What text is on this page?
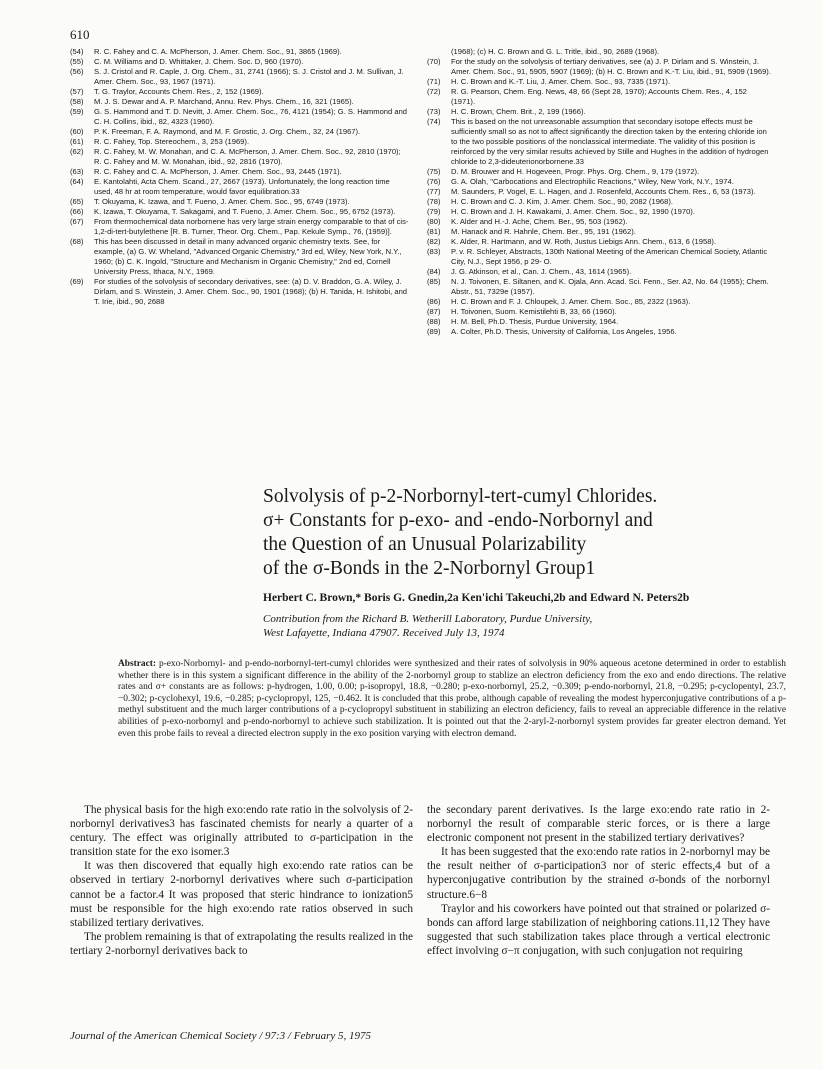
610
(54)	R. C. Fahey and C. A. McPherson, J. Amer. Chem. Soc., 91, 3865 (1969).
(55)	C. M. Williams and D. Whittaker, J. Chem. Soc. D, 960 (1970).
(56)	S. J. Cristol and R. Caple, J. Org. Chem., 31, 2741 (1966); S. J. Cristol and J. M. Sullivan, J. Amer. Chem. Soc., 93, 1967 (1971).
(57)	T. G. Traylor, Accounts Chem. Res., 2, 152 (1969).
(58)	M. J. S. Dewar and A. P. Marchand, Annu. Rev. Phys. Chem., 16, 321 (1965).
(59)	G. S. Hammond and T. D. Nevitt, J. Amer. Chem. Soc., 76, 4121 (1954); G. S. Hammond and C. H. Collins, ibid., 82, 4323 (1960).
(60)	P. K. Freeman, F. A. Raymond, and M. F. Grostic, J. Org. Chem., 32, 24 (1967).
(61)	R. C. Fahey, Top. Stereochem., 3, 253 (1969).
(62)	R. C. Fahey, M. W. Monahan, and C. A. McPherson, J. Amer. Chem. Soc., 92, 2810 (1970); R. C. Fahey and M. W. Monahan, ibid., 92, 2816 (1970).
(63)	R. C. Fahey and C. A. McPherson, J. Amer. Chem. Soc., 93, 2445 (1971).
(64)	E. Kantolahti, Acta Chem. Scand., 27, 2667 (1973). Unfortunately, the long reaction time used, 48 hr at room temperature, would favor equilibration.33
(65)	T. Okuyama, K. Izawa, and T. Fueno, J. Amer. Chem. Soc., 95, 6749 (1973).
(66)	K. Izawa, T. Okuyama, T. Sakagami, and T. Fueno, J. Amer. Chem. Soc., 95, 6752 (1973).
(67)	From thermochemical data norbornene has very large strain energy comparable to that of cis-1,2-di-tert-butylethene [R. B. Turner, Theor. Org. Chem., Pap. Kekule Symp., 76, (1959)].
(68)	This has been discussed in detail in many advanced organic chemistry texts. See, for example, (a) G. W. Wheland, "Advanced Organic Chemistry," 3rd ed, Wiley, New York, N.Y., 1960; (b) C. K. Ingold, "Structure and Mechanism in Organic Chemistry," 2nd ed, Cornell University Press, Ithaca, N.Y., 1969.
(69)	For studies of the solvolysis of secondary derivatives, see: (a) D. V. Braddon, G. A. Wiley, J. Dirlam, and S. Winstein, J. Amer. Chem. Soc., 90, 1901 (1968); (b) H. Tanida, H. Ishitobi, and T. Irie, ibid., 90, 2688
(1968); (c) H. C. Brown and G. L. Tritle, ibid., 90, 2689 (1968).
(70)	For the study on the solvolysis of tertiary derivatives, see (a) J. P. Dirlam and S. Winstein, J. Amer. Chem. Soc., 91, 5905, 5907 (1969); (b) H. C. Brown and K.-T. Liu, ibid., 91, 5909 (1969).
(71)	H. C. Brown and K.-T. Liu, J. Amer. Chem. Soc., 93, 7335 (1971).
(72)	R. G. Pearson, Chem. Eng. News, 48, 66 (Sept 28, 1970); Accounts Chem. Res., 4, 152 (1971).
(73)	H. C. Brown, Chem. Brit., 2, 199 (1966).
(74)	This is based on the not unreasonable assumption that secondary isotope effects must be sufficiently small so as not to affect significantly the direction taken by the entering chloride ion to the two possible positions of the nonclassical intermediate. The validity of this position is reinforced by the very similar results achieved by Stille and Hughes in the addition of hydrogen chloride to 2,3-dideuterionorbornene.33
(75)	D. M. Brouwer and H. Hogeveen, Progr. Phys. Org. Chem., 9, 179 (1972).
(76)	G. A. Olah, "Carbocations and Electrophilic Reactions," Wiley, New York, N.Y., 1974.
(77)	M. Saunders, P. Vogel, E. L. Hagen, and J. Rosenfeld, Accounts Chem. Res., 6, 53 (1973).
(78)	H. C. Brown and C. J. Kim, J. Amer. Chem. Soc., 90, 2082 (1968).
(79)	H. C. Brown and J. H. Kawakami, J. Amer. Chem. Soc., 92, 1990 (1970).
(80)	K. Alder and H.-J. Ache, Chem. Ber., 95, 503 (1962).
(81)	M. Hanack and R. Hahnle, Chem. Ber., 95, 191 (1962).
(82)	K. Alder, R. Hartmann, and W. Roth, Justus Liebigs Ann. Chem., 613, 6 (1958).
(83)	P. v. R. Schleyer, Abstracts, 130th National Meeting of the American Chemical Society, Atlantic City, N.J., Sept 1956, p 29- O.
(84)	J. G. Atkinson, et al., Can. J. Chem., 43, 1614 (1965).
(85)	N. J. Toivonen, E. Siltanen, and K. Ojala, Ann. Acad. Sci. Fenn., Ser. A2, No. 64 (1955); Chem. Abstr., 51, 7329e (1957).
(86)	H. C. Brown and F. J. Chloupek, J. Amer. Chem. Soc., 85, 2322 (1963).
(87)	H. Toivonen, Suom. Kemistilehti B, 33, 66 (1960).
(88)	H. M. Bell, Ph.D. Thesis, Purdue University, 1964.
(89)	A. Colter, Ph.D. Thesis, University of California, Los Angeles, 1956.
Solvolysis of p-2-Norbornyl-tert-cumyl Chlorides.
σ+ Constants for p-exo- and -endo-Norbornyl and
the Question of an Unusual Polarizability
of the σ-Bonds in the 2-Norbornyl Group1
Herbert C. Brown,* Boris G. Gnedin,2a Ken'ichi Takeuchi,2b and Edward N. Peters2b
Contribution from the Richard B. Wetherill Laboratory, Purdue University,
West Lafayette, Indiana 47907. Received July 13, 1974
Abstract: p-exo-Norbornyl- and p-endo-norbornyl-tert-cumyl chlorides were synthesized and their rates of solvolysis in 90% aqueous acetone determined in order to establish whether there is in this system a significant difference in the ability of the 2-norbornyl group to stablize an electron deficiency from the exo and endo directions. The relative rates and σ+ constants are as follows: p-hydrogen, 1.00, 0.00; p-isopropyl, 18.8, −0.280; p-exo-norbornyl, 25.2, −0.309; p-endo-norbornyl, 21.8, −0.295; p-cyclopentyl, 23.7, −0.302; p-cyclohexyl, 19.6, −0.285; p-cyclopropyl, 125, −0.462. It is concluded that this probe, although capable of revealing the modest hyperconjugative contributions of a p-methyl substituent and the much larger contributions of a p-cyclopropyl substituent in stabilizing an electron deficiency, fails to reveal an appreciable difference in the relative abilities of p-exo-norbornyl and p-endo-norbornyl to achieve such stabilization. It is pointed out that the 2-aryl-2-norbornyl system provides far greater electron demand. Yet even this probe fails to reveal a directed electron supply in the exo position varying with electron demand.

The physical basis for the high exo:endo rate ratio in the solvolysis of 2-norbornyl derivatives3 has fascinated chemists for nearly a quarter of a century. The effect was originally attributed to σ-participation in the transition state for the exo isomer.3

It was then discovered that equally high exo:endo rate ratios can be observed in tertiary 2-norbornyl derivatives where such σ-participation cannot be a factor.4 It was proposed that steric hindrance to ionization5 must be responsible for the high exo:endo rate ratios observed in such stabilized tertiary derivatives.

The problem remaining is that of extrapolating the results realized in the tertiary 2-norbornyl derivatives back to

the secondary parent derivatives. Is the large exo:endo rate ratio in 2-norbornyl the result of comparable steric forces, or is there a large electronic component not present in the stabilized tertiary derivatives?

It has been suggested that the exo:endo rate ratios in 2-norbornyl may be the result neither of σ-participation3 nor of steric effects,4 but of a hyperconjugative contribution by the strained σ-bonds of the norbornyl structure.6−8

Traylor and his coworkers have pointed out that strained or polarized σ-bonds can afford large stabilization of neighboring cations.11,12 They have suggested that such stabilization takes place through a vertical electronic effect involving σ−π conjugation, with such conjugation not requiring

Journal of the American Chemical Society / 97:3 / February 5, 1975
